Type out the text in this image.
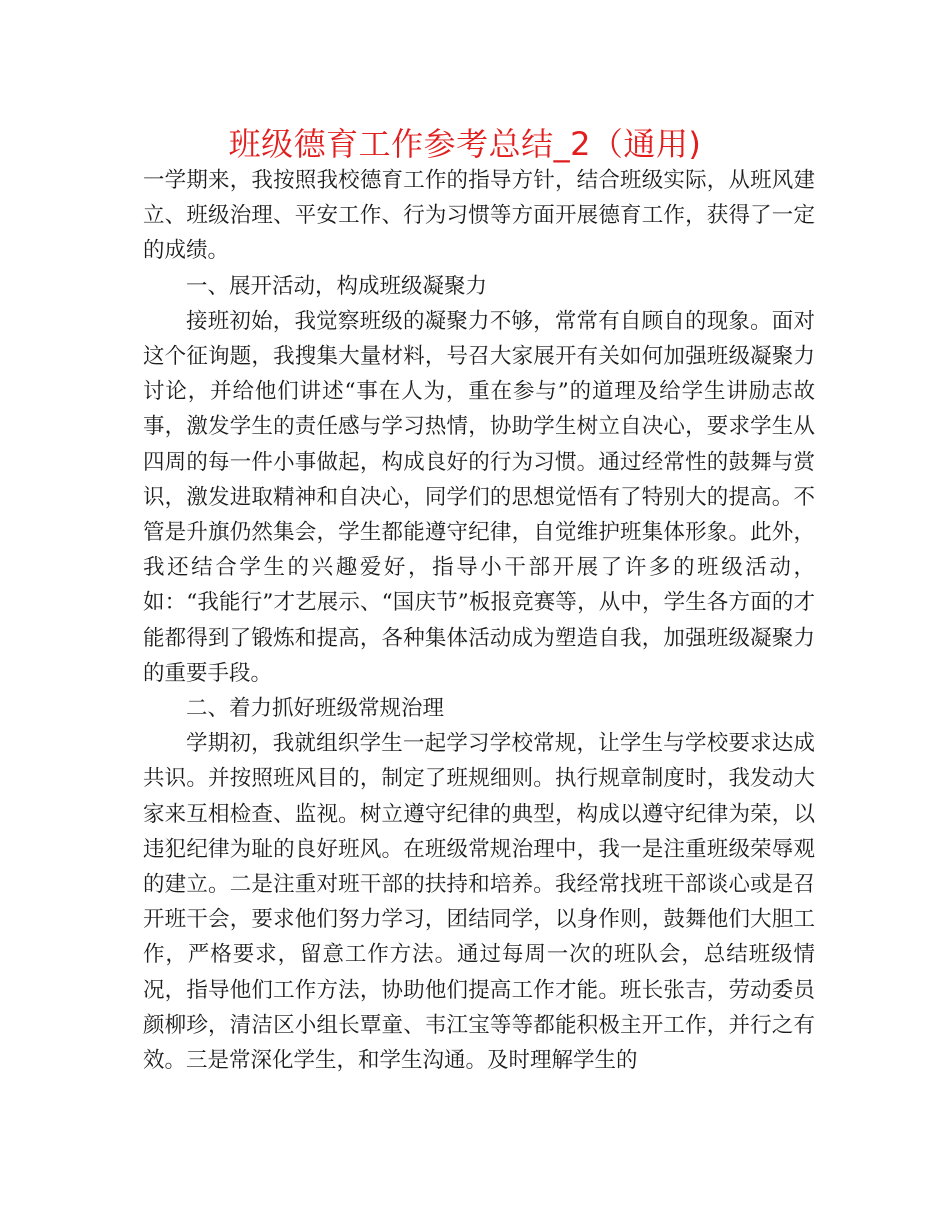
班级德育工作参考总结_2（通用)

一学期来，我按照我校德育工作的指导方针，结合班级实际，从班风建立、班级治理、平安工作、行为习惯等方面开展德育工作，获得了一定的成绩。

一、展开活动，构成班级凝聚力

接班初始，我觉察班级的凝聚力不够，常常有自顾自的现象。面对这个征询题，我搜集大量材料，号召大家展开有关如何加强班级凝聚力讨论，并给他们讲述“事在人为，重在参与”的道理及给学生讲励志故事，激发学生的责任感与学习热情，协助学生树立自决心，要求学生从四周的每一件小事做起，构成良好的行为习惯。通过经常性的鼓舞与赏识，激发进取精神和自决心，同学们的思想觉悟有了特别大的提高。不管是升旗仍然集会，学生都能遵守纪律，自觉维护班集体形象。此外，我还结合学生的兴趣爱好，指导小干部开展了许多的班级活动，如：“我能行”才艺展示、“国庆节”板报竞赛等，从中，学生各方面的才能都得到了锻炼和提高，各种集体活动成为塑造自我，加强班级凝聚力的重要手段。

二、着力抓好班级常规治理

学期初，我就组织学生一起学习学校常规，让学生与学校要求达成共识。并按照班风目的，制定了班规细则。执行规章制度时，我发动大家来互相检查、监视。树立遵守纪律的典型，构成以遵守纪律为荣，以违犯纪律为耻的良好班风。在班级常规治理中，我一是注重班级荣辱观的建立。二是注重对班干部的扶持和培养。我经常找班干部谈心或是召开班干会，要求他们努力学习，团结同学，以身作则，鼓舞他们大胆工作，严格要求，留意工作方法。通过每周一次的班队会，总结班级情况，指导他们工作方法，协助他们提高工作才能。班长张吉，劳动委员颜柳珍，清洁区小组长覃童、韦江宝等等都能积极主开工作，并行之有效。三是常深化学生，和学生沟通。及时理解学生的
